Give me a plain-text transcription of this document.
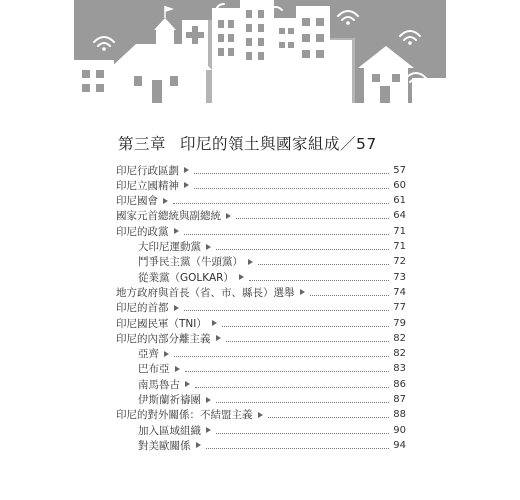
第三章 印尼的領土與國家組成／57
印尼行政區劃	57
印尼立國精神	60
印尼國會	61
國家元首總統與副總統	64
印尼的政黨	71
大印尼運動黨	71
鬥爭民主黨（牛頭黨）	72
從業黨（GOLKAR）	73
地方政府與首長（省、市、縣長）選舉	74
印尼的首都	77
印尼國民軍（TNI）	79
印尼的內部分離主義	82
亞齊	82
巴布亞	83
南馬魯古	86
伊斯蘭祈禱團	87
印尼的對外關係：不結盟主義	88
加入區域組織	90
對美歐關係	94
